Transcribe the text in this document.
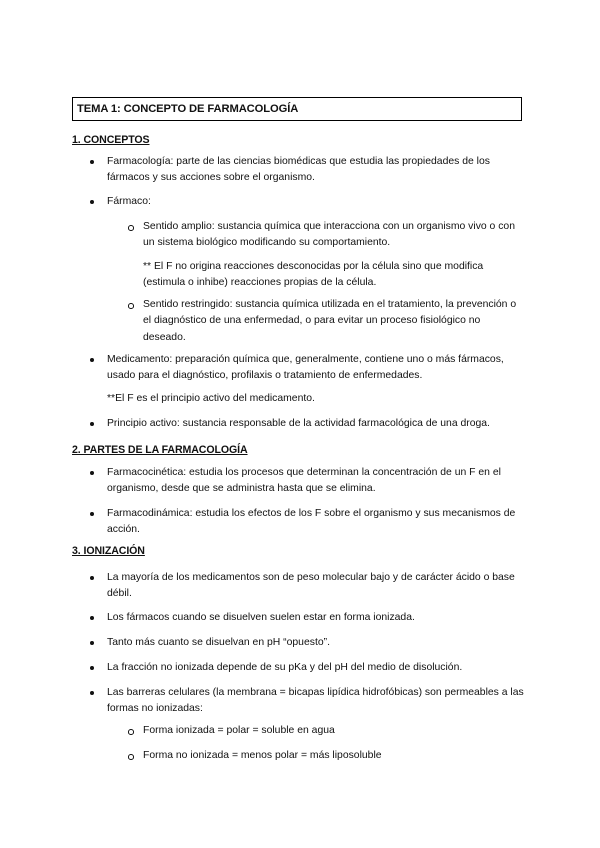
TEMA 1: CONCEPTO DE FARMACOLOGÍA
1. CONCEPTOS
Farmacología: parte de las ciencias biomédicas que estudia las propiedades de los fármacos y sus acciones sobre el organismo.
Fármaco:
Sentido amplio: sustancia química que interacciona con un organismo vivo o con un sistema biológico modificando su comportamiento.
** El F no origina reacciones desconocidas por la célula sino que modifica (estimula o inhibe) reacciones propias de la célula.
Sentido restringido: sustancia química utilizada en el tratamiento, la prevención o el diagnóstico de una enfermedad, o para evitar un proceso fisiológico no deseado.
Medicamento: preparación química que, generalmente, contiene uno o más fármacos, usado para el diagnóstico, profilaxis o tratamiento de enfermedades.
**El F es el principio activo del medicamento.
Principio activo: sustancia responsable de la actividad farmacológica de una droga.
2. PARTES DE LA FARMACOLOGÍA
Farmacocinética: estudia los procesos que determinan la concentración de un F en el organismo, desde que se administra hasta que se elimina.
Farmacodinámica: estudia los efectos de los F sobre el organismo y sus mecanismos de acción.
3. IONIZACIÓN
La mayoría de los medicamentos son de peso molecular bajo y de carácter ácido o base débil.
Los fármacos cuando se disuelven suelen estar en forma ionizada.
Tanto más cuanto se disuelvan en pH “opuesto”.
La fracción no ionizada depende de su pKa y del pH del medio de disolución.
Las barreras celulares (la membrana = bicapas lipídica hidrofóbicas) son permeables a las formas no ionizadas:
Forma ionizada = polar = soluble en agua
Forma no ionizada = menos polar = más liposoluble
